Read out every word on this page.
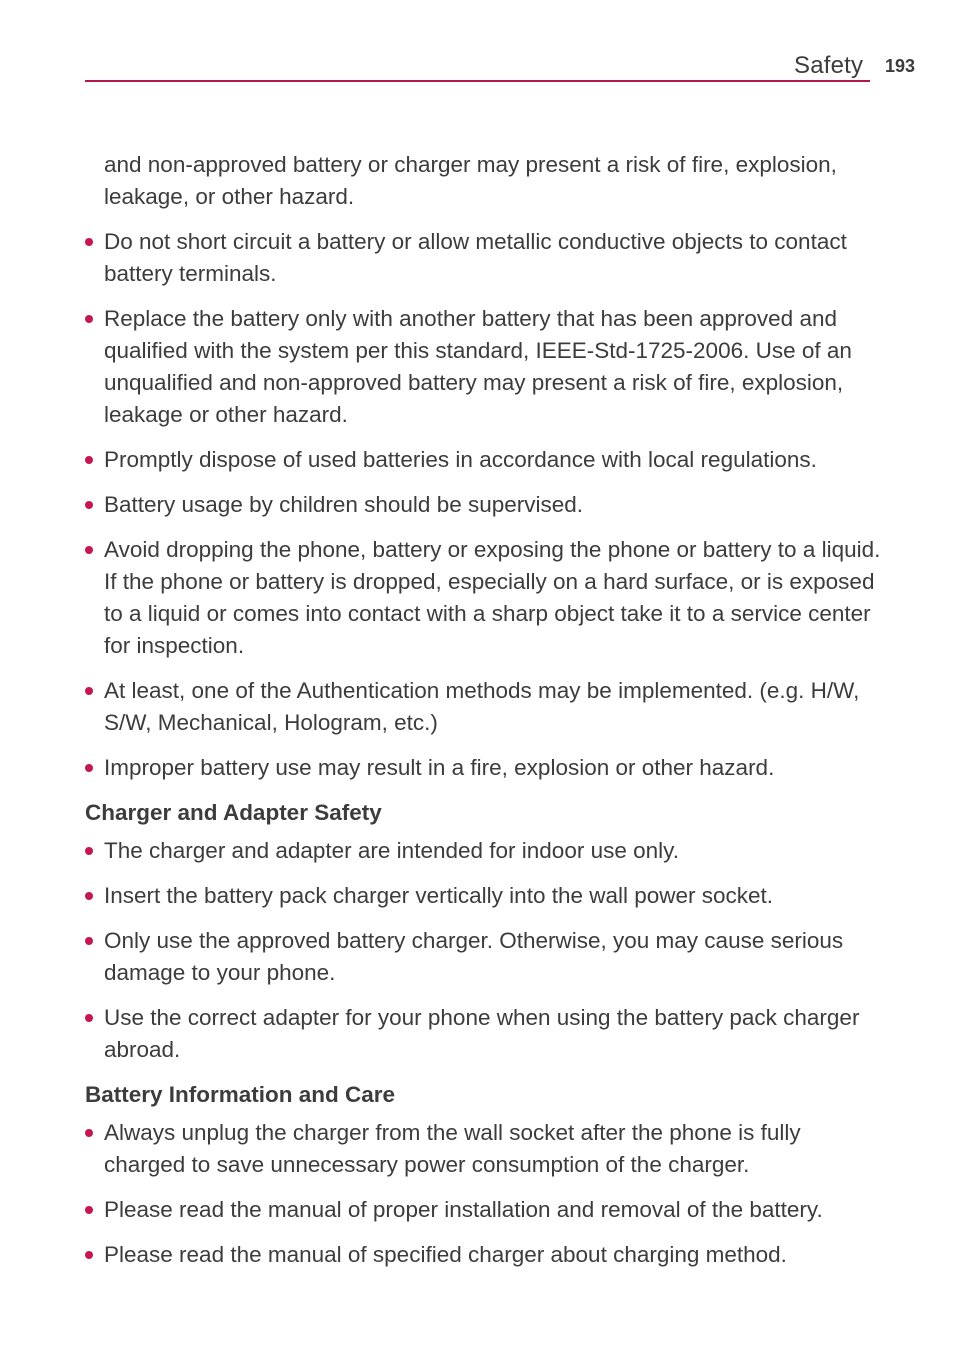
Safety 193

and non-approved battery or charger may present a risk of fire, explosion, leakage, or other hazard.

Do not short circuit a battery or allow metallic conductive objects to contact battery terminals.
Replace the battery only with another battery that has been approved and qualified with the system per this standard, IEEE-Std-1725-2006. Use of an unqualified and non-approved battery may present a risk of fire, explosion, leakage or other hazard.
Promptly dispose of used batteries in accordance with local regulations.
Battery usage by children should be supervised.
Avoid dropping the phone, battery or exposing the phone or battery to a liquid. If the phone or battery is dropped, especially on a hard surface, or is exposed to a liquid or comes into contact with a sharp object take it to a service center for inspection.
At least, one of the Authentication methods may be implemented. (e.g. H/W, S/W, Mechanical, Hologram, etc.)
Improper battery use may result in a fire, explosion or other hazard.
Charger and Adapter Safety
The charger and adapter are intended for indoor use only.
Insert the battery pack charger vertically into the wall power socket.
Only use the approved battery charger. Otherwise, you may cause serious damage to your phone.
Use the correct adapter for your phone when using the battery pack charger abroad.
Battery Information and Care
Always unplug the charger from the wall socket after the phone is fully charged to save unnecessary power consumption of the charger.
Please read the manual of proper installation and removal of the battery.
Please read the manual of specified charger about charging method.
